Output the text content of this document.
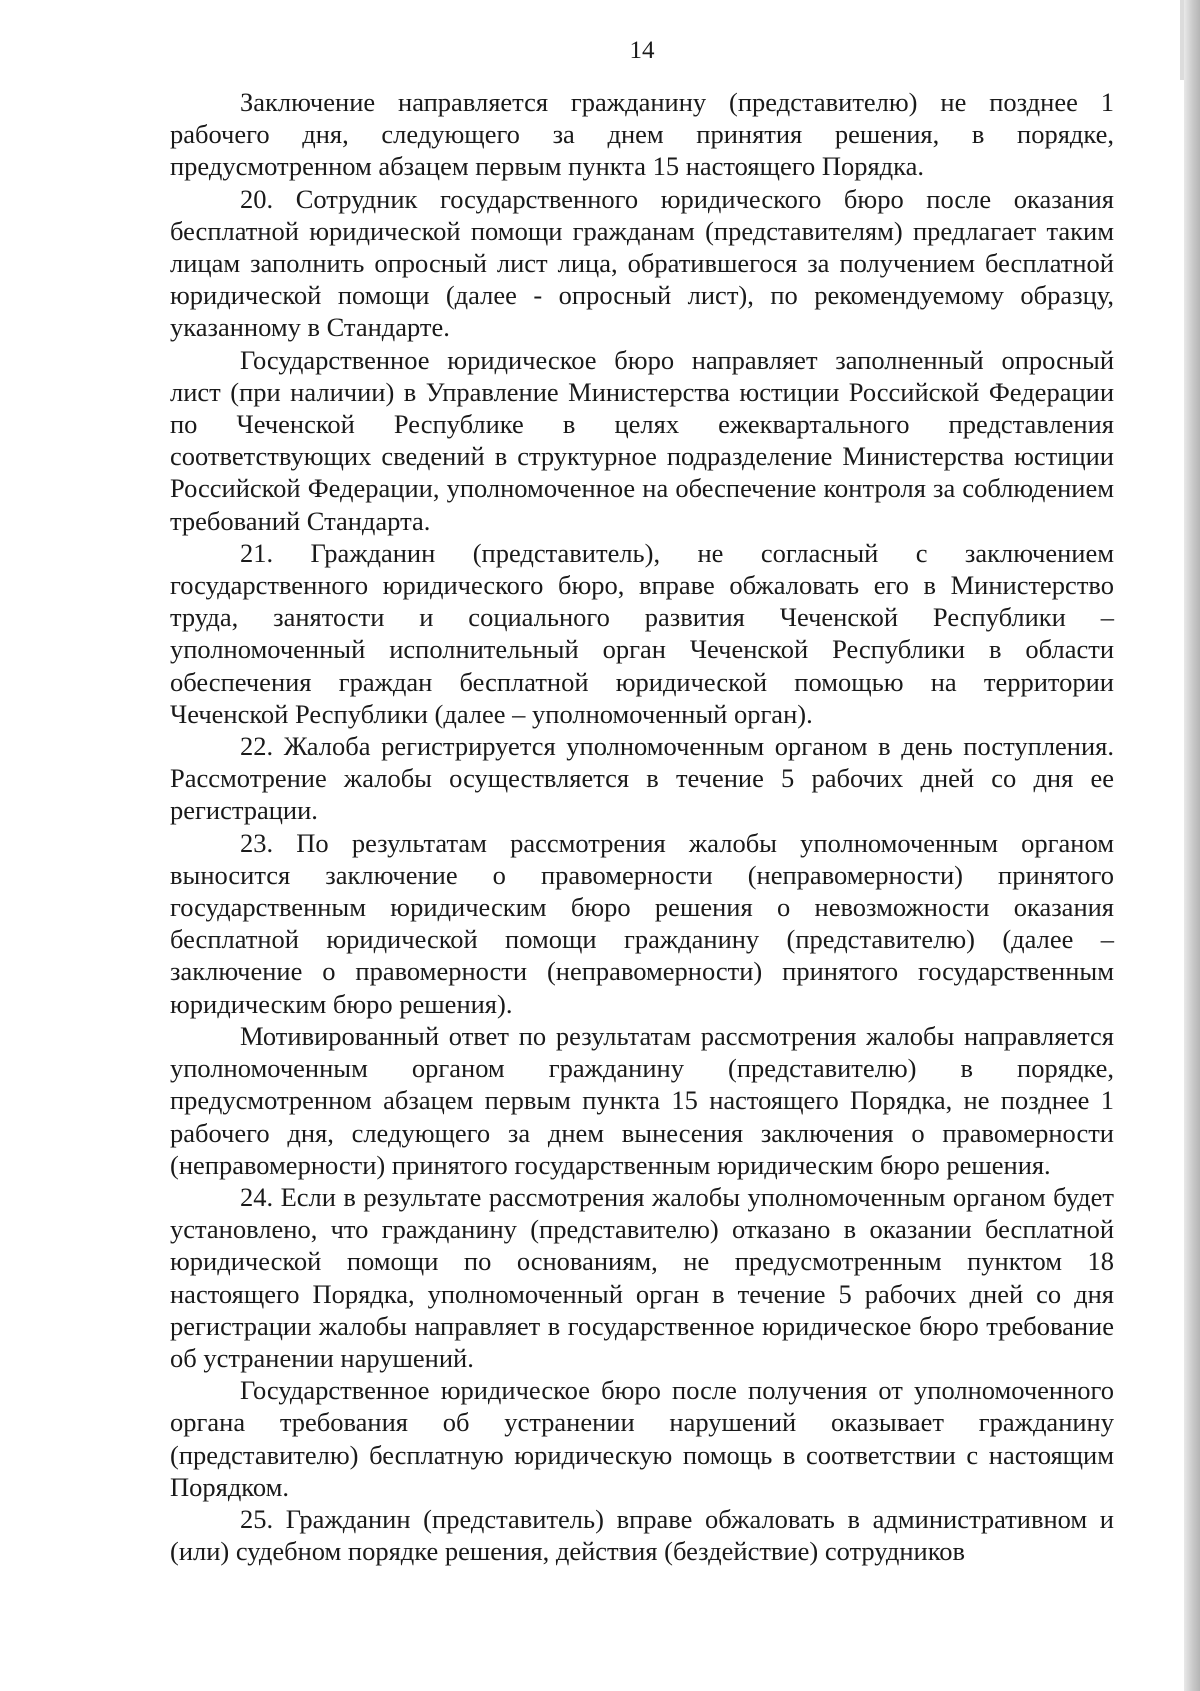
14

Заключение направляется гражданину (представителю) не позднее 1 рабочего дня, следующего за днем принятия решения, в порядке, предусмотренном абзацем первым пункта 15 настоящего Порядка.

20. Сотрудник государственного юридического бюро после оказания бесплатной юридической помощи гражданам (представителям) предлагает таким лицам заполнить опросный лист лица, обратившегося за получением бесплатной юридической помощи (далее - опросный лист), по рекомендуемому образцу, указанному в Стандарте.

Государственное юридическое бюро направляет заполненный опросный лист (при наличии) в Управление Министерства юстиции Российской Федерации по Чеченской Республике в целях ежеквартального представления соответствующих сведений в структурное подразделение Министерства юстиции Российской Федерации, уполномоченное на обеспечение контроля за соблюдением требований Стандарта.

21. Гражданин (представитель), не согласный с заключением государственного юридического бюро, вправе обжаловать его в Министерство труда, занятости и социального развития Чеченской Республики – уполномоченный исполнительный орган Чеченской Республики в области обеспечения граждан бесплатной юридической помощью на территории Чеченской Республики (далее – уполномоченный орган).

22. Жалоба регистрируется уполномоченным органом в день поступления. Рассмотрение жалобы осуществляется в течение 5 рабочих дней со дня ее регистрации.

23. По результатам рассмотрения жалобы уполномоченным органом выносится заключение о правомерности (неправомерности) принятого государственным юридическим бюро решения о невозможности оказания бесплатной юридической помощи гражданину (представителю) (далее – заключение о правомерности (неправомерности) принятого государственным юридическим бюро решения).

Мотивированный ответ по результатам рассмотрения жалобы направляется уполномоченным органом гражданину (представителю) в порядке, предусмотренном абзацем первым пункта 15 настоящего Порядка, не позднее 1 рабочего дня, следующего за днем вынесения заключения о правомерности (неправомерности) принятого государственным юридическим бюро решения.

24. Если в результате рассмотрения жалобы уполномоченным органом будет установлено, что гражданину (представителю) отказано в оказании бесплатной юридической помощи по основаниям, не предусмотренным пунктом 18 настоящего Порядка, уполномоченный орган в течение 5 рабочих дней со дня регистрации жалобы направляет в государственное юридическое бюро требование об устранении нарушений.

Государственное юридическое бюро после получения от уполномоченного органа требования об устранении нарушений оказывает гражданину (представителю) бесплатную юридическую помощь в соответствии с настоящим Порядком.

25. Гражданин (представитель) вправе обжаловать в административном и (или) судебном порядке решения, действия (бездействие) сотрудников
